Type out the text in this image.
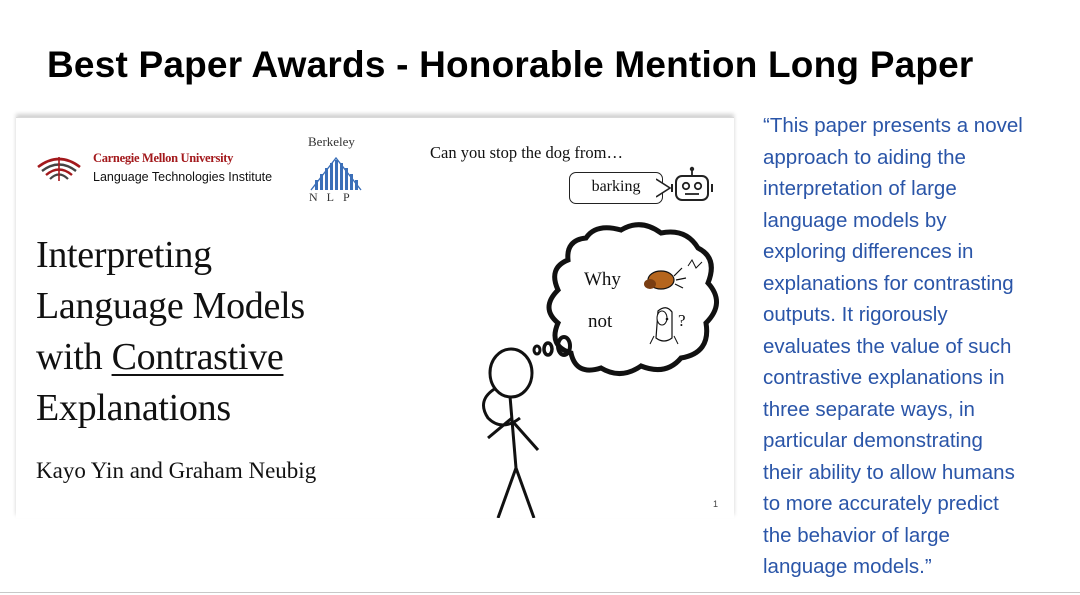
Best Paper Awards - Honorable Mention Long Paper
Carnegie Mellon University
Language Technologies Institute
Berkeley
NLP
Interpreting
Language Models
with Contrastive
Explanations
Kayo Yin and Graham Neubig
Can you stop the dog from…
barking
Why
not	?
1
“This paper presents a novel
approach to aiding the
interpretation of large
language models by
exploring differences in
explanations for contrasting
outputs. It rigorously
evaluates the value of such
contrastive explanations in
three separate ways, in
particular demonstrating
their ability to allow humans
to more accurately predict
the behavior of large
language models.”
